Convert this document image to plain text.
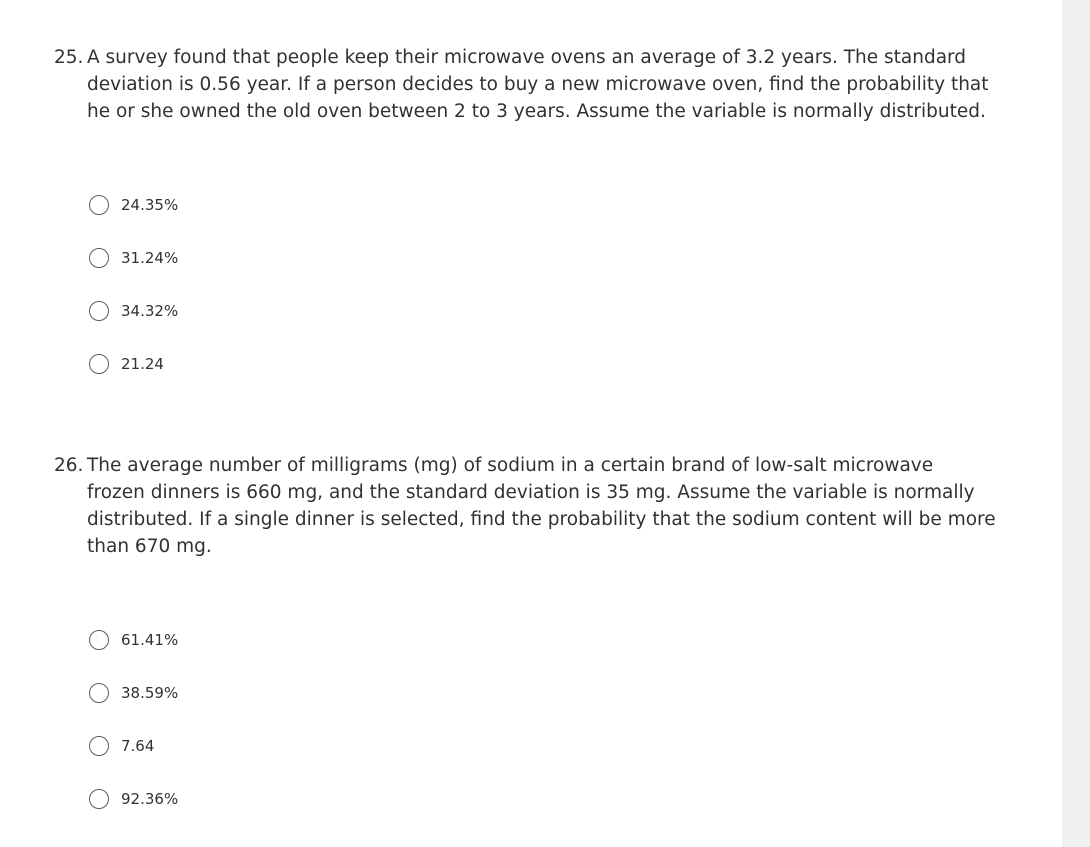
25. A survey found that people keep their microwave ovens an average of 3.2 years. The standard deviation is 0.56 year. If a person decides to buy a new microwave oven, find the probability that he or she owned the old oven between 2 to 3 years. Assume the variable is normally distributed.
24.35%
31.24%
34.32%
21.24
26. The average number of milligrams (mg) of sodium in a certain brand of low-salt microwave frozen dinners is 660 mg, and the standard deviation is 35 mg. Assume the variable is normally distributed. If a single dinner is selected, find the probability that the sodium content will be more than 670 mg.
61.41%
38.59%
7.64
92.36%
